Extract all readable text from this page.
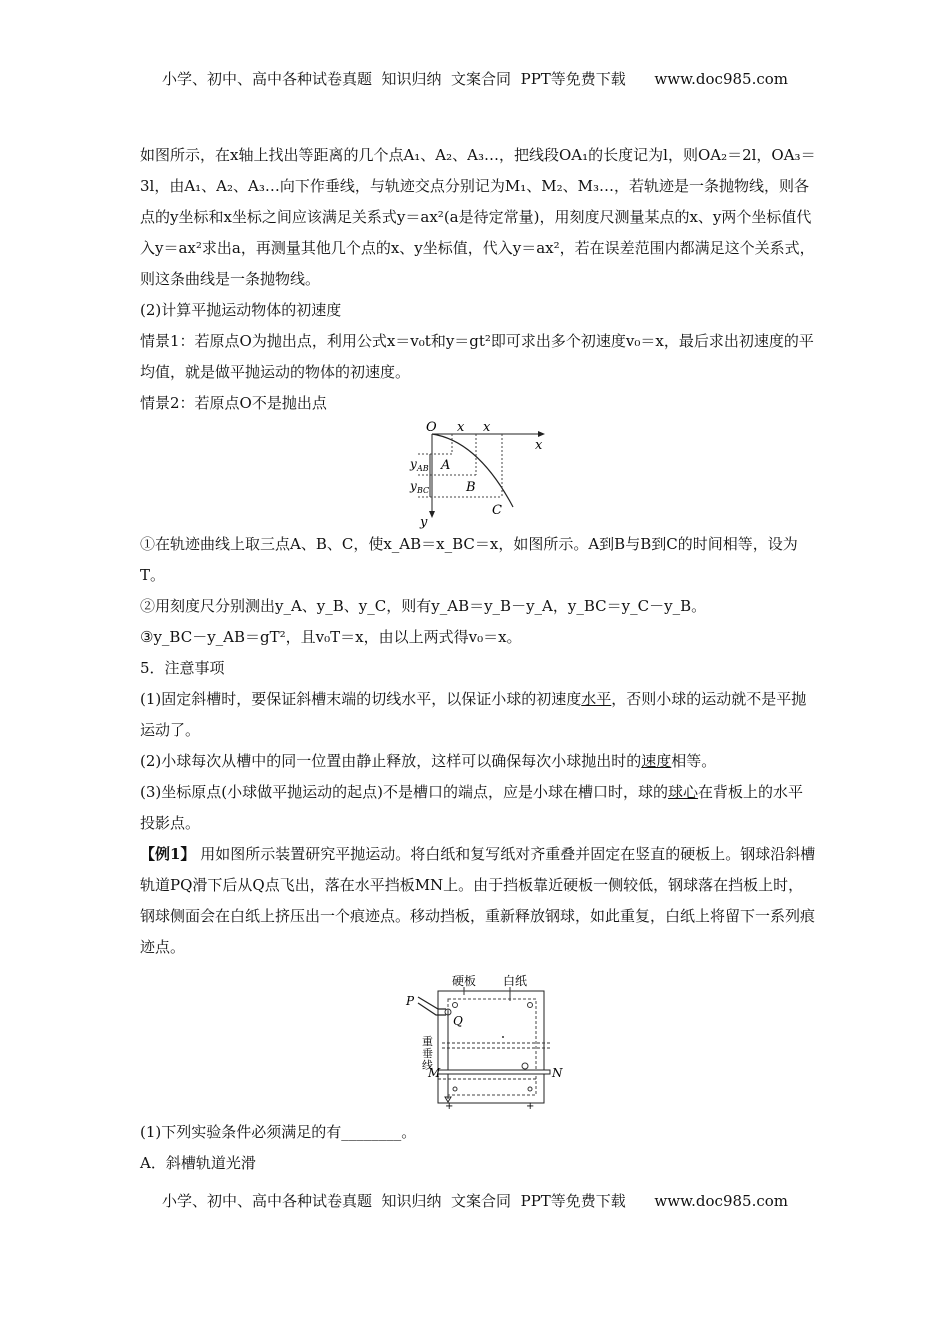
小学、初中、高中各种试卷真题  知识归纳  文案合同  PPT等免费下载 www.doc985.com

如图所示，在x轴上找出等距离的几个点A₁、A₂、A₃…，把线段OA₁的长度记为l，则OA₂＝2l，OA₃＝3l，由A₁、A₂、A₃…向下作垂线，与轨迹交点分别记为M₁、M₂、M₃…，若轨迹是一条抛物线，则各点的y坐标和x坐标之间应该满足关系式y＝ax²(a是待定常量)，用刻度尺测量某点的x、y两个坐标值代入y＝ax²求出a，再测量其他几个点的x、y坐标值，代入y＝ax²，若在误差范围内都满足这个关系式，则这条曲线是一条抛物线。

(2)计算平抛运动物体的初速度

情景1：若原点O为抛出点，利用公式x＝v₀t和y＝gt²即可求出多个初速度v₀＝x，最后求出初速度的平均值，就是做平抛运动的物体的初速度。

情景2：若原点O不是抛出点

O x x
x
A
B
C
y AB
y BC
y

①在轨迹曲线上取三点A、B、C，使x_AB＝x_BC＝x，如图所示。A到B与B到C的时间相等，设为T。

②用刻度尺分别测出y_A、y_B、y_C，则有y_AB＝y_B－y_A，y_BC＝y_C－y_B。

③y_BC－y_AB＝gT²，且v₀T＝x，由以上两式得v₀＝x。

5．注意事项

(1)固定斜槽时，要保证斜槽末端的切线水平，以保证小球的初速度水平，否则小球的运动就不是平抛运动了。

(2)小球每次从槽中的同一位置由静止释放，这样可以确保每次小球抛出时的速度相等。

(3)坐标原点(小球做平抛运动的起点)不是槽口的端点，应是小球在槽口时，球的球心在背板上的水平投影点。

【例1】 用如图所示装置研究平抛运动。将白纸和复写纸对齐重叠并固定在竖直的硬板上。钢球沿斜槽轨道PQ滑下后从Q点飞出，落在水平挡板MN上。由于挡板靠近硬板一侧较低，钢球落在挡板上时，钢球侧面会在白纸上挤压出一个痕迹点。移动挡板，重新释放钢球，如此重复，白纸上将留下一系列痕迹点。

+	+
硬板 白纸
P
Q
M	N
重
垂
线

(1)下列实验条件必须满足的有________。

A．斜槽轨道光滑

小学、初中、高中各种试卷真题  知识归纳  文案合同  PPT等免费下载 www.doc985.com
